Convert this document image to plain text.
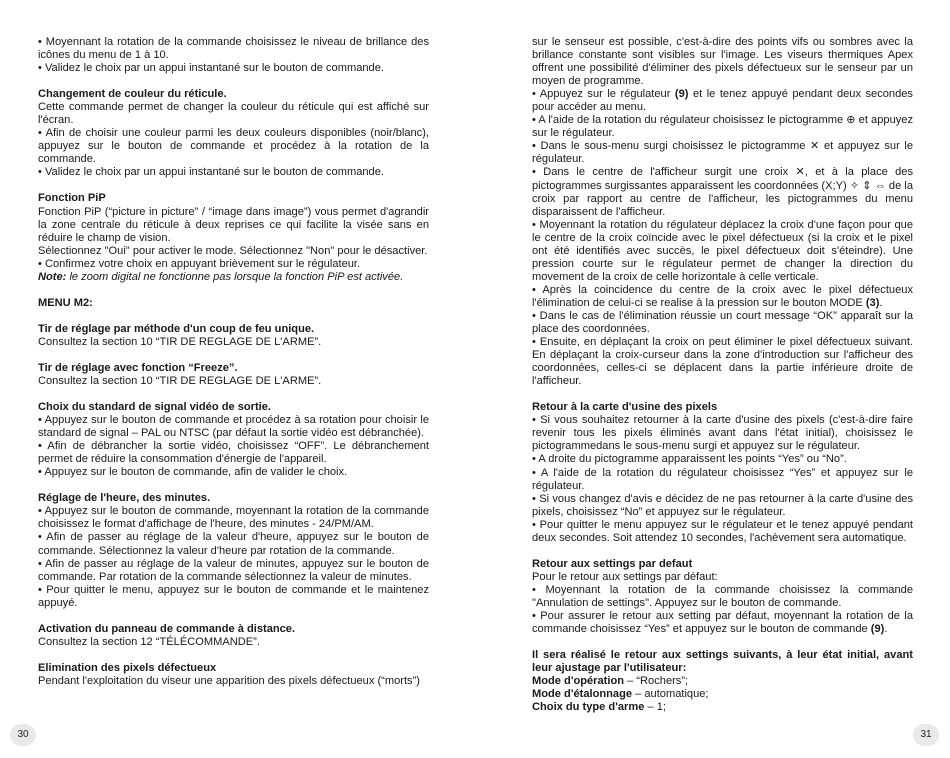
• Moyennant la rotation de la commande choisissez le niveau de brillance des icônes du menu de 1 à 10.

• Validez le choix par un appui instantané sur le bouton de commande.

Changement de couleur du réticule.

Cette commande permet de changer la couleur du réticule qui est affiché sur l'écran.

• Afin de choisir une couleur parmi les deux couleurs disponibles (noir/blanc), appuyez sur le bouton de commande et procédez à la rotation de la commande.

• Validez le choix par un appui instantané sur le bouton de commande.

Fonction PiP

Fonction PiP (“picture in picture” / “image dans image”) vous permet d'agrandir la zone centrale du réticule à deux reprises ce qui facilite la visée sans en réduire le champ de vision.

Sélectionnez "Oui" pour activer le mode. Sélectionnez "Non" pour le désactiver.

• Confirmez votre choix en appuyant brièvement sur le régulateur.

Note: le zoom digital ne fonctionne pas lorsque la fonction PiP est activée.

MENU M2:

Tir de réglage par méthode d'un coup de feu unique.

Consultez la section 10 “TIR DE REGLAGE DE L'ARME”.

Tir de réglage avec fonction “Freeze”.

Consultez la section 10 “TIR DE REGLAGE DE L'ARME”.

Choix du standard de signal vidéo de sortie.

• Appuyez sur le bouton de commande et procédez à sa rotation pour choisir le standard de signal – PAL ou NTSC (par défaut la sortie vidéo est débranchée).

• Afin de débrancher la sortie vidéo, choisissez “OFF”. Le débranchement permet de réduire la consommation d'énergie de l'appareil.

• Appuyez sur le bouton de commande, afin de valider le choix.

Réglage de l'heure, des minutes.

• Appuyez sur le bouton de commande, moyennant la rotation de la commande choisissez le format d'affichage de l'heure, des minutes - 24/PM/AM.

• Afin de passer au réglage de la valeur d'heure, appuyez sur le bouton de commande. Sélectionnez la valeur d'heure par rotation de la commande.

• Afin de passer au réglage de la valeur de minutes, appuyez sur le bouton de commande. Par rotation de la commande sélectionnez la valeur de minutes.

• Pour quitter le menu, appuyez sur le bouton de commande et le maintenez appuyé.

Activation du panneau de commande à distance.

Consultez la section 12 “TÉLÉCOMMANDE”.

Elimination des pixels défectueux

Pendant l'exploitation du viseur une apparition des pixels défectueux (“morts”)

sur le senseur est possible, c'est-à-dire des points vifs ou sombres avec la brillance constante sont visibles sur l'image. Les viseurs thermiques Apex offrent une possibilité d'éliminer des pixels défectueux sur le senseur par un moyen de programme.

• Appuyez sur le régulateur (9) et le tenez appuyé pendant deux secondes pour accéder au menu.

• A l'aide de la rotation du régulateur choisissez le pictogramme ⊕ et appuyez sur le régulateur.

• Dans le sous-menu surgi choisissez le pictogramme ✕ et appuyez sur le régulateur.

• Dans le centre de l'afficheur surgit une croix ✕, et à la place des pictogrammes surgissantes apparaissent les coordonnées (X;Y) ✧ ⇕ ⇔ de la croix par rapport au centre de l'afficheur, les pictogrammes du menu disparaissent de l'afficheur.

• Moyennant la rotation du régulateur déplacez la croix d'une façon pour que le centre de la croix coïncide avec le pixel défectueux (si la croix et le pixel ont été identifiés avec succès, le pixel défectueux doit s'éteindre). Une pression courte sur le régulateur permet de changer la direction du movement de la croix de celle horizontale à celle verticale.

• Après la coincidence du centre de la croix avec le pixel défectueux l'élimination de celui-ci se realise à la pression sur le bouton MODE (3).

• Dans le cas de l'élimination réussie un court message “OK” apparaît sur la place des coordonnées.

• Ensuite, en déplaçant la croix on peut éliminer le pixel défectueux suivant. En déplaçant la croix-curseur dans la zone d'introduction sur l'afficheur des coordonnées, celles-ci se déplacent dans la partie inférieure droite de l'afficheur.

Retour à la carte d'usine des pixels

• Si vous souhaitez retourner à la carte d'usine des pixels (c'est-à-dire faire revenir tous les pixels éliminés avant dans l'état initial), choisissez le pictogrammedans le sous-menu surgi et appuyez sur le régulateur.

• A droite du pictogramme apparaissent les points “Yes” ou “No”.

• A l'aide de la rotation du régulateur choisissez “Yes” et appuyez sur le régulateur.

• Si vous changez d'avis e décidez de ne pas retourner à la carte d'usine des pixels, choisissez “No” et appuyez sur le régulateur.

• Pour quitter le menu appuyez sur le régulateur et le tenez appuyé pendant deux secondes. Soit attendez 10 secondes, l'achèvement sera automatique.

Retour aux settings par defaut

Pour le retour aux settings par défaut:

• Moyennant la rotation de la commande choisissez la commande "Annulation de settings". Appuyez sur le bouton de commande.

• Pour assurer le retour aux setting par défaut, moyennant la rotation de la commande choisissez “Yes” et appuyez sur le bouton de commande (9).

Il sera réalisé le retour aux settings suivants, à leur état initial, avant leur ajustage par l'utilisateur:

Mode d'opération – “Rochers”;

Mode d'étalonnage – automatique;

Choix du type d'arme – 1;

30	31
